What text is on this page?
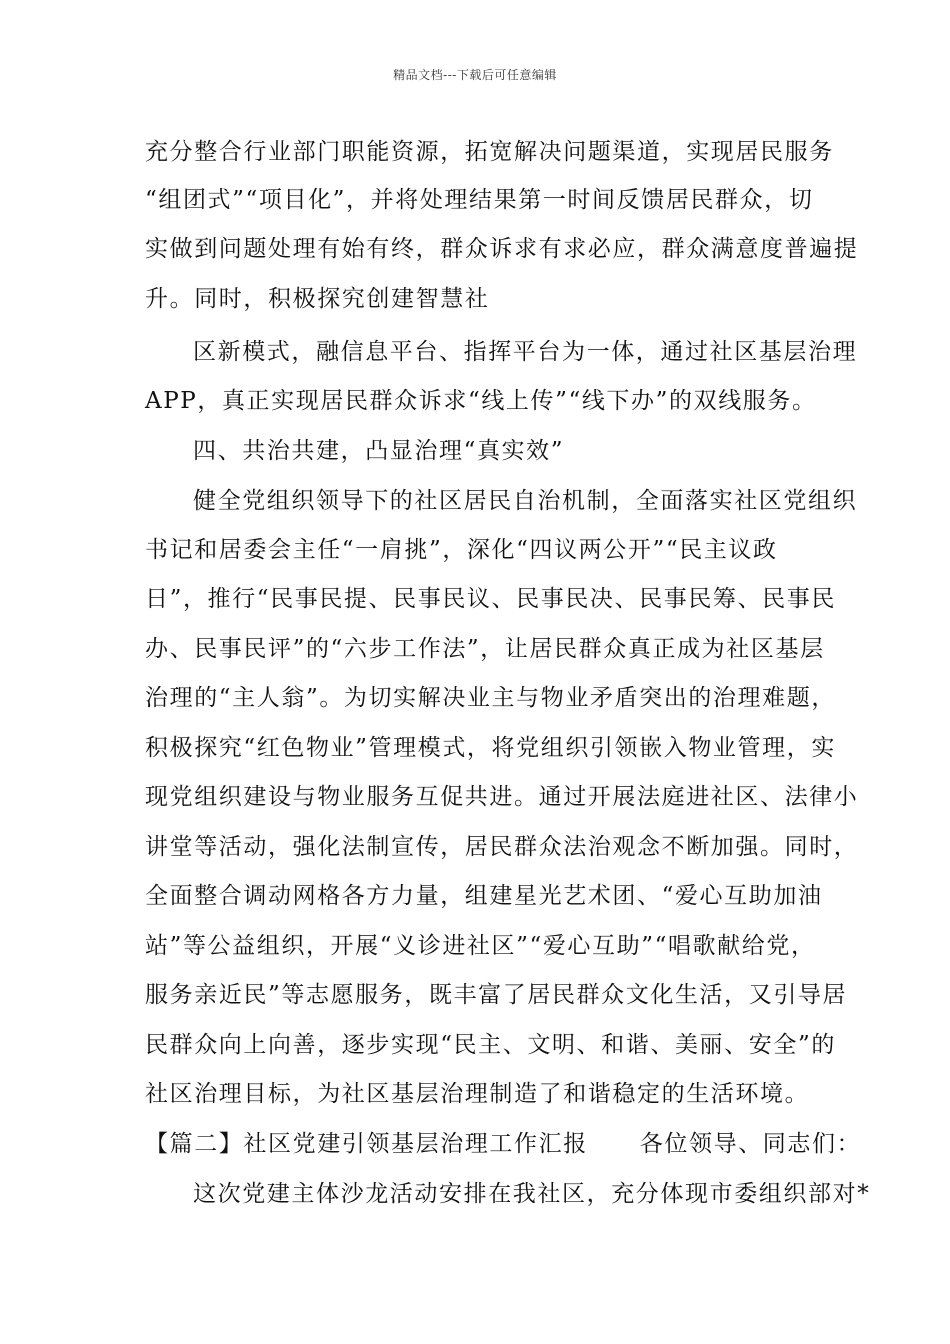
精品文档---下载后可任意编辑
充分整合行业部门职能资源，拓宽解决问题渠道，实现居民服务
“组团式”“项目化”，并将处理结果第一时间反馈居民群众，切
实做到问题处理有始有终，群众诉求有求必应，群众满意度普遍提
升。同时，积极探究创建智慧社
区新模式，融信息平台、指挥平台为一体，通过社区基层治理
APP，真正实现居民群众诉求“线上传”“线下办”的双线服务。
四、共治共建，凸显治理“真实效”
健全党组织领导下的社区居民自治机制，全面落实社区党组织
书记和居委会主任“一肩挑”，深化“四议两公开”“民主议政
日”，推行“民事民提、民事民议、民事民决、民事民筹、民事民
办、民事民评”的“六步工作法”，让居民群众真正成为社区基层
治理的“主人翁”。为切实解决业主与物业矛盾突出的治理难题，
积极探究“红色物业”管理模式，将党组织引领嵌入物业管理，实
现党组织建设与物业服务互促共进。通过开展法庭进社区、法律小
讲堂等活动，强化法制宣传，居民群众法治观念不断加强。同时，
全面整合调动网格各方力量，组建星光艺术团、“爱心互助加油
站”等公益组织，开展“义诊进社区”“爱心互助”“唱歌献给党，
服务亲近民”等志愿服务，既丰富了居民群众文化生活，又引导居
民群众向上向善，逐步实现“民主、文明、和谐、美丽、安全”的
社区治理目标，为社区基层治理制造了和谐稳定的生活环境。
【篇二】社区党建引领基层治理工作汇报 各位领导、同志们：
这次党建主体沙龙活动安排在我社区，充分体现市委组织部对*
